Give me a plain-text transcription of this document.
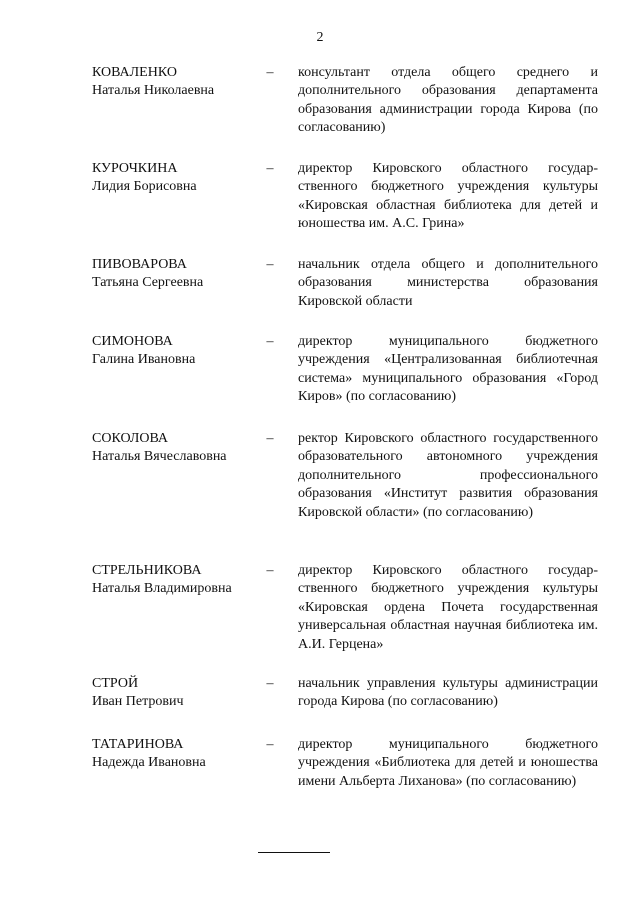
2
КОВАЛЕНКО
Наталья Николаевна
– консультант отдела общего среднего и дополнительного образования департамента образования администрации города Кирова (по согласованию)
КУРОЧКИНА
Лидия Борисовна
– директор Кировского областного государственного бюджетного учреждения культуры «Кировская областная библиотека для детей и юношества им. А.С. Грина»
ПИВОВАРОВА
Татьяна Сергеевна
– начальник отдела общего и дополнительного образования министерства образования Кировской области
СИМОНОВА
Галина Ивановна
– директор муниципального бюджетного учреждения «Централизованная библиотечная система» муниципального образования «Город Киров» (по согласованию)
СОКОЛОВА
Наталья Вячеславовна
– ректор Кировского областного государственного образовательного автономного учреждения дополнительного профессионального образования «Институт развития образования Кировской области» (по согласованию)
СТРЕЛЬНИКОВА
Наталья Владимировна
– директор Кировского областного государственного бюджетного учреждения культуры «Кировская ордена Почета государственная универсальная областная научная библиотека им. А.И. Герцена»
СТРОЙ
Иван Петрович
– начальник управления культуры администрации города Кирова (по согласованию)
ТАТАРИНОВА
Надежда Ивановна
– директор муниципального бюджетного учреждения «Библиотека для детей и юношества имени Альберта Лиханова» (по согласованию)
